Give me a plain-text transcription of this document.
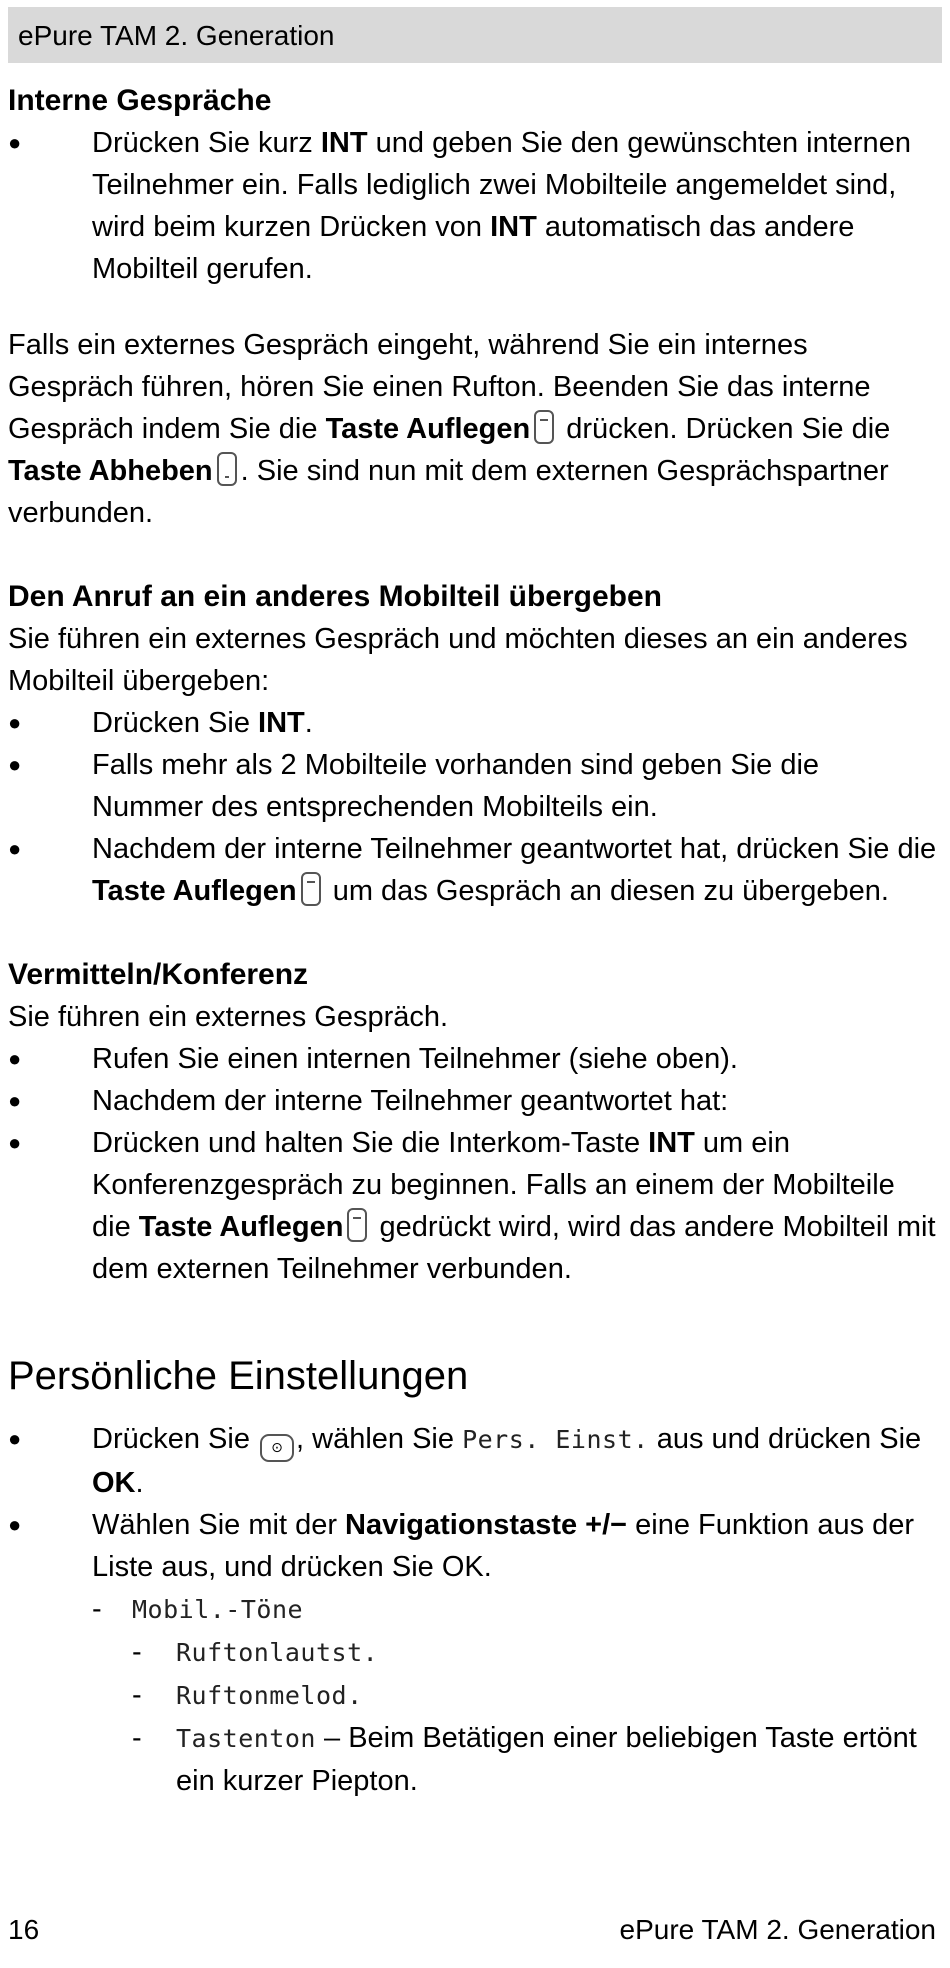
ePure TAM 2. Generation
Interne Gespräche
● Drücken Sie kurz INT und geben Sie den gewünschten internen Teilnehmer ein. Falls lediglich zwei Mobilteile angemeldet sind, wird beim kurzen Drücken von INT automatisch das andere Mobilteil gerufen.

Falls ein externes Gespräch eingeht, während Sie ein internes Gespräch führen, hören Sie einen Rufton. Beenden Sie das interne Gespräch indem Sie die Taste Auflegen drücken. Drücken Sie die Taste Abheben . Sie sind nun mit dem externen Gesprächspartner verbunden.

Den Anruf an ein anderes Mobilteil übergeben

Sie führen ein externes Gespräch und möchten dieses an ein anderes Mobilteil übergeben:

● Drücken Sie INT.
● Falls mehr als 2 Mobilteile vorhanden sind geben Sie die Nummer des entsprechenden Mobilteils ein.
● Nachdem der interne Teilnehmer geantwortet hat, drücken Sie die Taste Auflegen um das Gespräch an diesen zu übergeben.
Vermitteln/Konferenz

Sie führen ein externes Gespräch.

● Rufen Sie einen internen Teilnehmer (siehe oben).
● Nachdem der interne Teilnehmer geantwortet hat:
● Drücken und halten Sie die Interkom-Taste INT um ein Konferenzgespräch zu beginnen. Falls an einem der Mobilteile die Taste Auflegen gedrückt wird, wird das andere Mobilteil mit dem externen Teilnehmer verbunden.
Persönliche Einstellungen
● Drücken Sie ⊙ , wählen Sie Pers. Einst. aus und drücken Sie OK.
● Wählen Sie mit der Navigationstaste +/− eine Funktion aus der Liste aus, und drücken Sie OK.
- Mobil.-Töne
- Ruftonlautst.
- Ruftonmelod.
- Tastenton – Beim Betätigen einer beliebigen Taste ertönt ein kurzer Piepton.
16	ePure TAM 2. Generation
